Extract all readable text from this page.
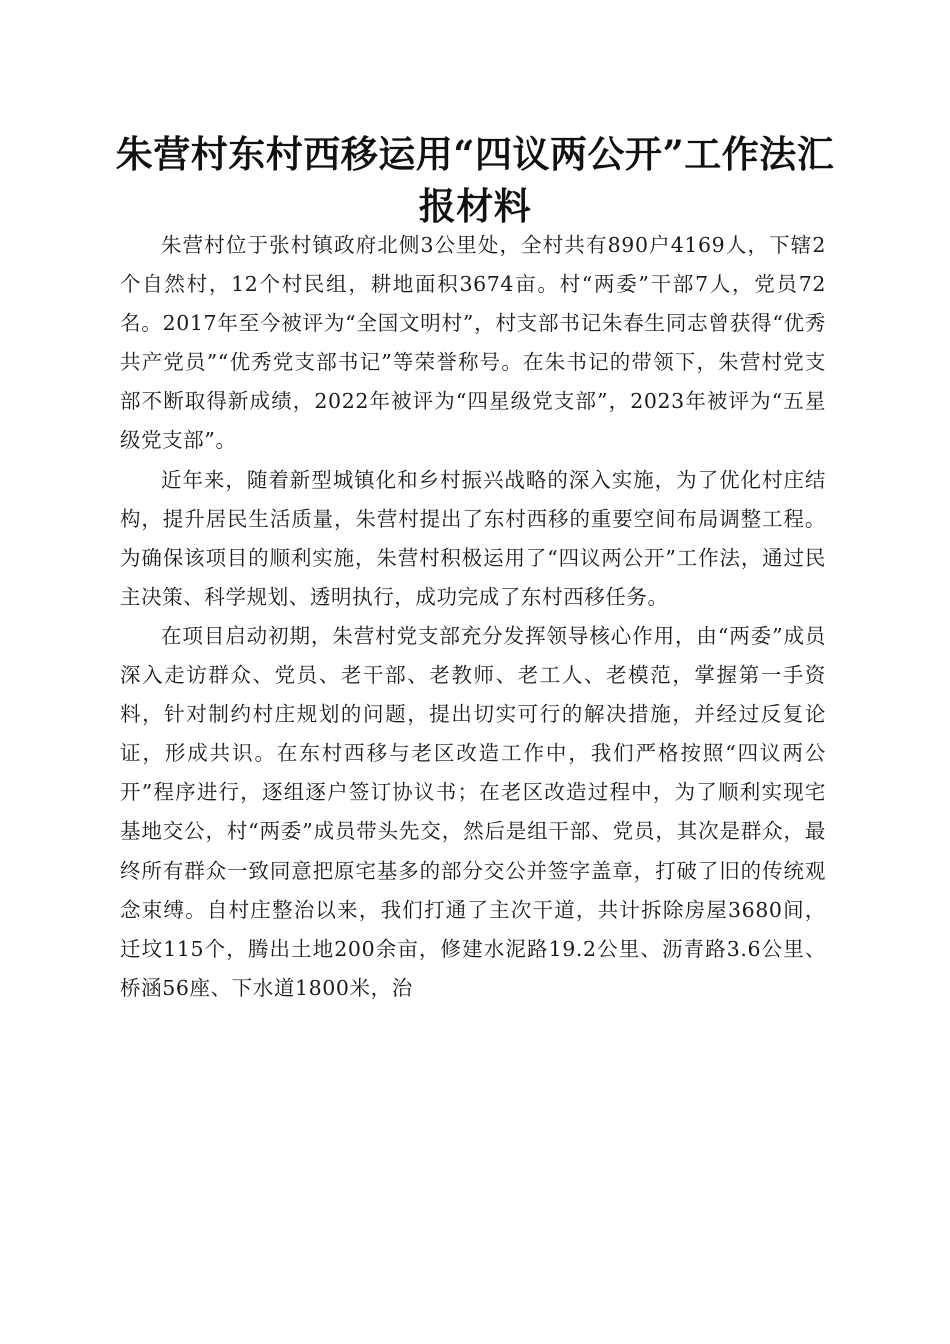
朱营村东村西移运用“四议两公开”工作法汇报材料

朱营村位于张村镇政府北侧3公里处，全村共有890户4169人，下辖2个自然村，12个村民组，耕地面积3674亩。村“两委”干部7人，党员72名。2017年至今被评为“全国文明村”，村支部书记朱春生同志曾获得“优秀共产党员”“优秀党支部书记”等荣誉称号。在朱书记的带领下，朱营村党支部不断取得新成绩，2022年被评为“四星级党支部”，2023年被评为“五星级党支部”。

近年来，随着新型城镇化和乡村振兴战略的深入实施，为了优化村庄结构，提升居民生活质量，朱营村提出了东村西移的重要空间布局调整工程。为确保该项目的顺利实施，朱营村积极运用了“四议两公开”工作法，通过民主决策、科学规划、透明执行，成功完成了东村西移任务。

在项目启动初期，朱营村党支部充分发挥领导核心作用，由“两委”成员深入走访群众、党员、老干部、老教师、老工人、老模范，掌握第一手资料，针对制约村庄规划的问题，提出切实可行的解决措施，并经过反复论证，形成共识。在东村西移与老区改造工作中，我们严格按照“四议两公开”程序进行，逐组逐户签订协议书；在老区改造过程中，为了顺利实现宅基地交公，村“两委”成员带头先交，然后是组干部、党员，其次是群众，最终所有群众一致同意把原宅基多的部分交公并签字盖章，打破了旧的传统观念束缚。自村庄整治以来，我们打通了主次干道，共计拆除房屋3680间，迁坟115个，腾出土地200余亩，修建水泥路19.2公里、沥青路3.6公里、桥涵56座、下水道1800米，治
